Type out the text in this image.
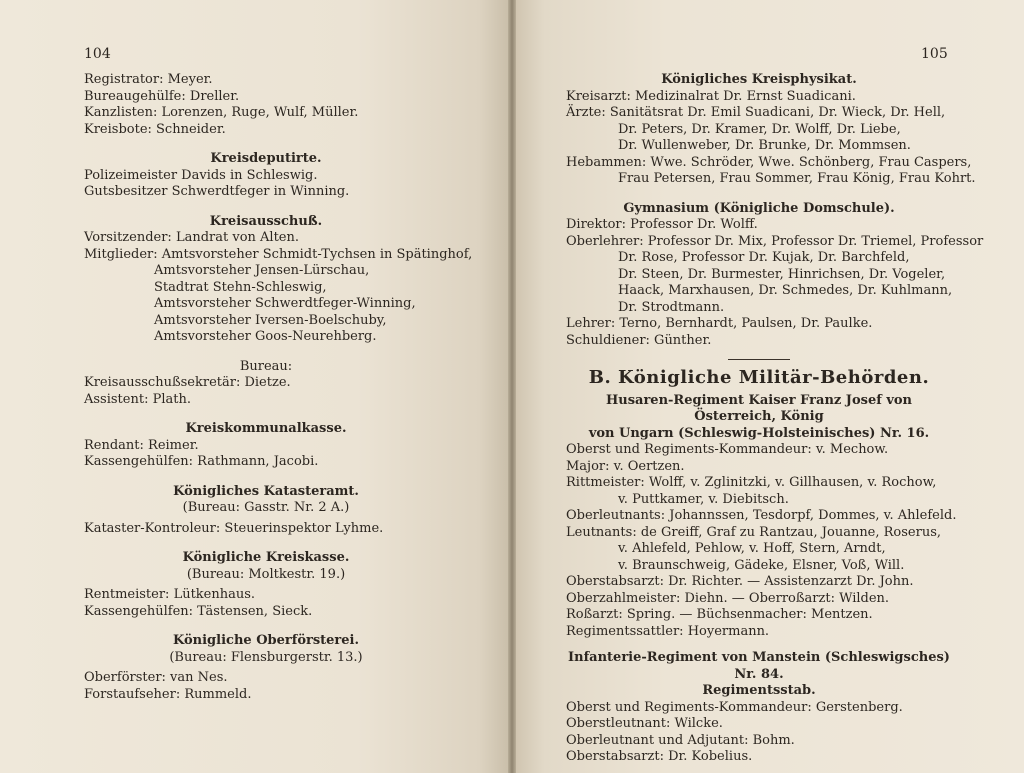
104	105
Registrator: Meyer.
Bureaugehülfe: Dreller.
Kanzlisten: Lorenzen, Ruge, Wulf, Müller.
Kreisbote: Schneider.
Kreisdeputirte.
Polizeimeister Davids in Schleswig.
Gutsbesitzer Schwerdtfeger in Winning.
Kreisausschuß.
Vorsitzender: Landrat von Alten.
Mitglieder: Amtsvorsteher Schmidt-Tychsen in Spätinghof,
Amtsvorsteher Jensen-Lürschau,
Stadtrat Stehn-Schleswig,
Amtsvorsteher Schwerdtfeger-Winning,
Amtsvorsteher Iversen-Boelschuby,
Amtsvorsteher Goos-Neurehberg.
Bureau:
Kreisausschußsekretär: Dietze.
Assistent: Plath.
Kreiskommunalkasse.
Rendant: Reimer.
Kassengehülfen: Rathmann, Jacobi.
Königliches Katasteramt.
(Bureau: Gasstr. Nr. 2 A.)
Kataster-Kontroleur: Steuerinspektor Lyhme.
Königliche Kreiskasse.
(Bureau: Moltkestr. 19.)
Rentmeister: Lütkenhaus.
Kassengehülfen: Tästensen, Sieck.
Königliche Oberförsterei.
(Bureau: Flensburgerstr. 13.)
Oberförster: van Nes.
Forstaufseher: Rummeld.
Königliches Kreisphysikat.
Kreisarzt: Medizinalrat Dr. Ernst Suadicani.
Ärzte: Sanitätsrat Dr. Emil Suadicani, Dr. Wieck, Dr. Hell,
Dr. Peters, Dr. Kramer, Dr. Wolff, Dr. Liebe,
Dr. Wullenweber, Dr. Brunke, Dr. Mommsen.
Hebammen: Wwe. Schröder, Wwe. Schönberg, Frau Caspers,
Frau Petersen, Frau Sommer, Frau König, Frau Kohrt.
Gymnasium (Königliche Domschule).
Direktor: Professor Dr. Wolff.
Oberlehrer: Professor Dr. Mix, Professor Dr. Triemel, Professor
Dr. Rose, Professor Dr. Kujak, Dr. Barchfeld,
Dr. Steen, Dr. Burmester, Hinrichsen, Dr. Vogeler,
Haack, Marxhausen, Dr. Schmedes, Dr. Kuhlmann,
Dr. Strodtmann.
Lehrer: Terno, Bernhardt, Paulsen, Dr. Paulke.
Schuldiener: Günther.
B. Königliche Militär-Behörden.
Husaren-Regiment Kaiser Franz Josef von Österreich, König
von Ungarn (Schleswig-Holsteinisches) Nr. 16.
Oberst und Regiments-Kommandeur: v. Mechow.
Major: v. Oertzen.
Rittmeister: Wolff, v. Zglinitzki, v. Gillhausen, v. Rochow,
v. Puttkamer, v. Diebitsch.
Oberleutnants: Johannssen, Tesdorpf, Dommes, v. Ahlefeld.
Leutnants: de Greiff, Graf zu Rantzau, Jouanne, Roserus,
v. Ahlefeld, Pehlow, v. Hoff, Stern, Arndt,
v. Braunschweig, Gädeke, Elsner, Voß, Will.
Oberstabsarzt: Dr. Richter. — Assistenzarzt Dr. John.
Oberzahlmeister: Diehn. — Oberroßarzt: Wilden.
Roßarzt: Spring. — Büchsenmacher: Mentzen.
Regimentssattler: Hoyermann.
Infanterie-Regiment von Manstein (Schleswigsches) Nr. 84.
Regimentsstab.
Oberst und Regiments-Kommandeur: Gerstenberg.
Oberstleutnant: Wilcke.
Oberleutnant und Adjutant: Bohm.
Oberstabsarzt: Dr. Kobelius.
